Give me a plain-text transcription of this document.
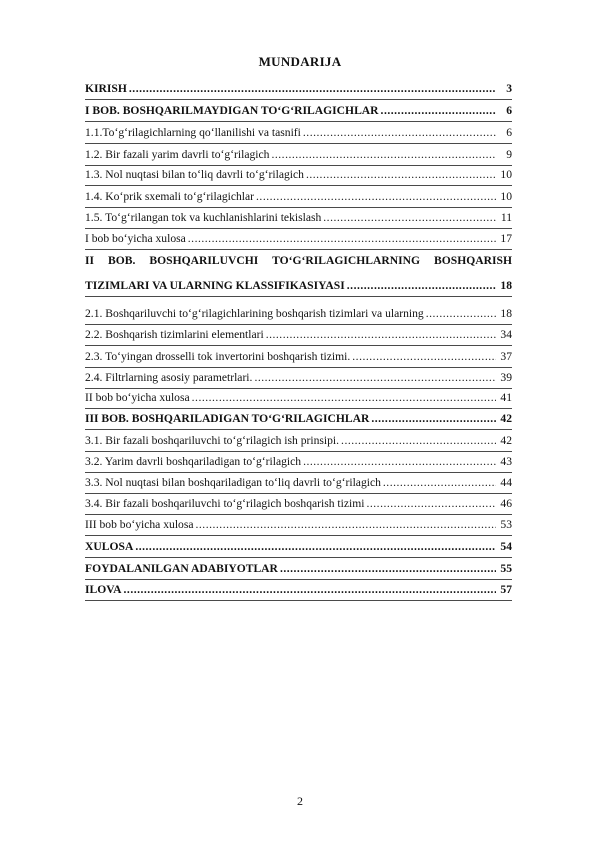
MUNDARIJA
KIRISH .....	3
I BOB. BOSHQARILMAYDIGAN TO‘G‘RILAGICHLAR .....	6
1.1.To‘g‘rilagichlarning qo‘llanilishi va tasnifi .....	6
1.2. Bir fazali yarim davrli to‘g‘rilagich .....	9
1.3. Nol nuqtasi bilan to‘liq davrli to‘g‘rilagich .....	10
1.4. Ko‘prik sxemali to‘g‘rilagichlar .....	10
1.5. To‘g‘rilangan tok va kuchlanishlarini tekislash .....	11
I bob bo‘yicha xulosa .....	17
II BOB. BOSHQARILUVCHI TO‘G‘RILAGICHLARNING BOSHQARISH
TIZIMLARI VA ULARNING KLASSIFIKASIYASI .....	18
2.1. Boshqariluvchi to‘g‘rilagichlarining boshqarish tizimlari va ularning .....	18
2.2. Boshqarish tizimlarini elementlari .....	34
2.3. To‘yingan drosselli tok invertorini boshqarish tizimi. .....	37
2.4. Filtrlarning asosiy parametrlari. .....	39
II bob bo‘yicha xulosa .....	41
III BOB. BOSHQARILADIGAN TO‘G‘RILAGICHLAR .....	42
3.1. Bir fazali boshqariluvchi to‘g‘rilagich ish prinsipi. .....	42
3.2. Yarim davrli boshqariladigan to‘g‘rilagich .....	43
3.3. Nol nuqtasi bilan boshqariladigan to‘liq davrli to‘g‘rilagich .....	44
3.4. Bir fazali boshqariluvchi to‘g‘rilagich boshqarish tizimi .....	46
III bob bo‘yicha xulosa .....	53
XULOSA .....	54
FOYDALANILGAN ADABIYOTLAR .....	55
ILOVA .....	57
2
